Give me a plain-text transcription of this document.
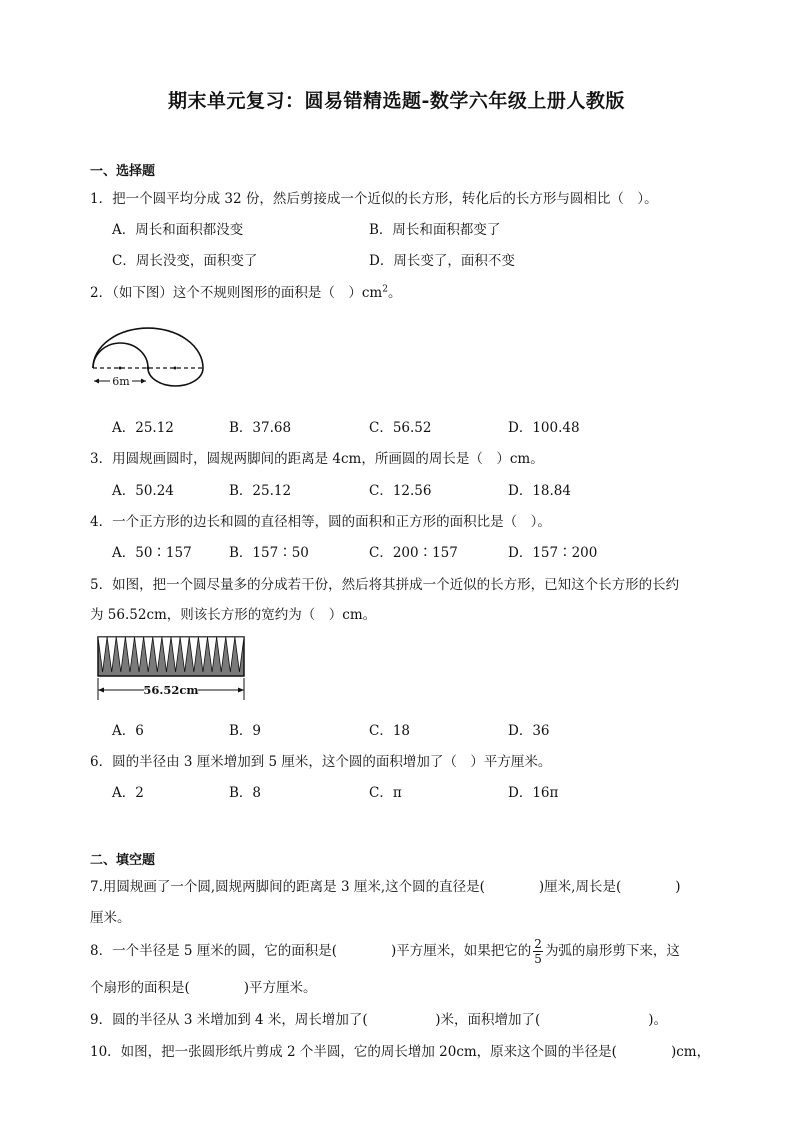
期末单元复习：圆易错精选题-数学六年级上册人教版
一、选择题
1．把一个圆平均分成 32 份，然后剪接成一个近似的长方形，转化后的长方形与圆相比（　）。
A．周长和面积都没变	B．周长和面积都变了
C．周长没变，面积变了	D．周长变了，面积不变
2．（如下图）这个不规则图形的面积是（　）$cm^2$。
6m
A．25.12	B．37.68	C．56.52	D．100.48
3．用圆规画圆时，圆规两脚间的距离是 4cm，所画圆的周长是（　）cm。
A．50.24	B．25.12	C．12.56	D．18.84
4．一个正方形的边长和圆的直径相等，圆的面积和正方形的面积比是（　）。
A．50∶157	B．157∶50	C．200∶157	D．157∶200
5．如图，把一个圆尽量多的分成若干份，然后将其拼成一个近似的长方形，已知这个长方形的长约
为 56.52cm，则该长方形的宽约为（　）cm。
56.52cm
A．6	B．9	C．18	D．36
6．圆的半径由 3 厘米增加到 5 厘米，这个圆的面积增加了（　）平方厘米。
A．2	B．8	C．π	D．16π
二、填空题
7.用圆规画了一个圆,圆规两脚间的距离是 3 厘米,这个圆的直径是(　　　　)厘米,周长是(　　　　)
厘米。
8．一个半径是 5 厘米的圆，它的面积是(　　　　)平方厘米，如果把它的 $\frac{2}{5}$ 为弧的扇形剪下来，这
个扇形的面积是(　　　　)平方厘米。
9．圆的半径从 3 米增加到 4 米，周长增加了(　　　　　)米，面积增加了(　　　　　　　　)。
10．如图，把一张圆形纸片剪成 2 个半圆，它的周长增加 20cm，原来这个圆的半径是(　　　　)cm，
